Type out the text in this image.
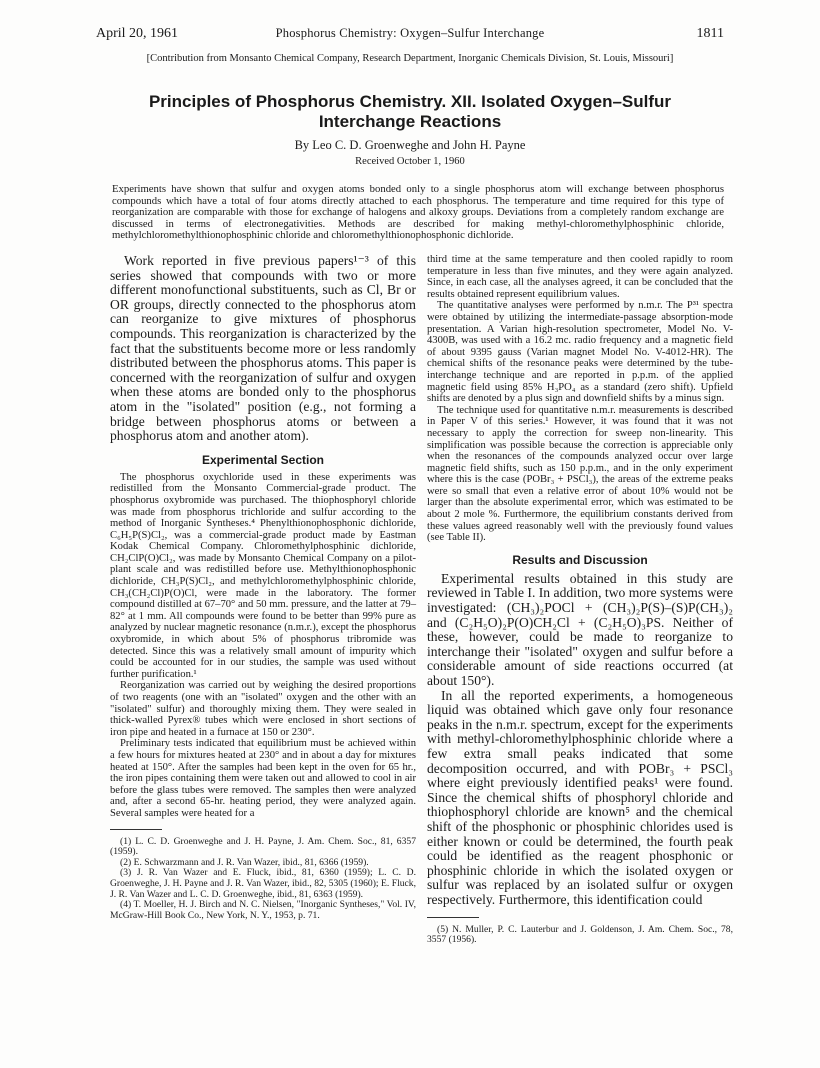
April 20, 1961	Phosphorus Chemistry: Oxygen–Sulfur Interchange	1811
[Contribution from Monsanto Chemical Company, Research Department, Inorganic Chemicals Division, St. Louis, Missouri]
Principles of Phosphorus Chemistry. XII. Isolated Oxygen–Sulfur Interchange Reactions
By Leo C. D. Groenweghe and John H. Payne
Received October 1, 1960
Experiments have shown that sulfur and oxygen atoms bonded only to a single phosphorus atom will exchange between phosphorus compounds which have a total of four atoms directly attached to each phosphorus. The temperature and time required for this type of reorganization are comparable with those for exchange of halogens and alkoxy groups. Deviations from a completely random exchange are discussed in terms of electronegativities. Methods are described for making methyl-chloromethylphosphinic chloride, methylchloromethylthionophosphinic chloride and chloromethylthionophosphonic dichloride.

Work reported in five previous papers¹⁻³ of this series showed that compounds with two or more different monofunctional substituents, such as Cl, Br or OR groups, directly connected to the phosphorus atom can reorganize to give mixtures of phosphorus compounds. This reorganization is characterized by the fact that the substituents become more or less randomly distributed between the phosphorus atoms. This paper is concerned with the reorganization of sulfur and oxygen when these atoms are bonded only to the phosphorus atom in the "isolated" position (e.g., not forming a bridge between phosphorus atoms or between a phosphorus atom and another atom).

Experimental Section

The phosphorus oxychloride used in these experiments was redistilled from the Monsanto Commercial-grade product. The phosphorus oxybromide was purchased. The thiophosphoryl chloride was made from phosphorus trichloride and sulfur according to the method of Inorganic Syntheses.⁴ Phenylthionophosphonic dichloride, C₆H₅P(S)Cl₂, was a commercial-grade product made by Eastman Kodak Chemical Company. Chloromethylphosphinic dichloride, CH₂ClP(O)Cl₂, was made by Monsanto Chemical Company on a pilot-plant scale and was redistilled before use. Methylthionophosphonic dichloride, CH₃P(S)Cl₂, and methylchloromethylphosphinic chloride, CH₃(CH₂Cl)P(O)Cl, were made in the laboratory. The former compound distilled at 67–70° and 50 mm. pressure, and the latter at 79–82° at 1 mm. All compounds were found to be better than 99% pure as analyzed by nuclear magnetic resonance (n.m.r.), except the phosphorus oxybromide, in which about 5% of phosphorus tribromide was detected. Since this was a relatively small amount of impurity which could be accounted for in our studies, the sample was used without further purification.¹

Reorganization was carried out by weighing the desired proportions of two reagents (one with an "isolated" oxygen and the other with an "isolated" sulfur) and thoroughly mixing them. They were sealed in thick-walled Pyrex® tubes which were enclosed in short sections of iron pipe and heated in a furnace at 150 or 230°.

Preliminary tests indicated that equilibrium must be achieved within a few hours for mixtures heated at 230° and in about a day for mixtures heated at 150°. After the samples had been kept in the oven for 65 hr., the iron pipes containing them were taken out and allowed to cool in air before the glass tubes were removed. The samples then were analyzed and, after a second 65-hr. heating period, they were analyzed again. Several samples were heated for a

(1) L. C. D. Groenweghe and J. H. Payne, J. Am. Chem. Soc., 81, 6357 (1959).

(2) E. Schwarzmann and J. R. Van Wazer, ibid., 81, 6366 (1959).

(3) J. R. Van Wazer and E. Fluck, ibid., 81, 6360 (1959); L. C. D. Groenweghe, J. H. Payne and J. R. Van Wazer, ibid., 82, 5305 (1960); E. Fluck, J. R. Van Wazer and L. C. D. Groenweghe, ibid., 81, 6363 (1959).

(4) T. Moeller, H. J. Birch and N. C. Nielsen, "Inorganic Syntheses," Vol. IV, McGraw-Hill Book Co., New York, N. Y., 1953, p. 71.

third time at the same temperature and then cooled rapidly to room temperature in less than five minutes, and they were again analyzed. Since, in each case, all the analyses agreed, it can be concluded that the results obtained represent equilibrium values.

The quantitative analyses were performed by n.m.r. The P³¹ spectra were obtained by utilizing the intermediate-passage absorption-mode presentation. A Varian high-resolution spectrometer, Model No. V-4300B, was used with a 16.2 mc. radio frequency and a magnetic field of about 9395 gauss (Varian magnet Model No. V-4012-HR). The chemical shifts of the resonance peaks were determined by the tube-interchange technique and are reported in p.p.m. of the applied magnetic field using 85% H₃PO₄ as a standard (zero shift). Upfield shifts are denoted by a plus sign and downfield shifts by a minus sign.

The technique used for quantitative n.m.r. measurements is described in Paper V of this series.¹ However, it was found that it was not necessary to apply the correction for sweep non-linearity. This simplification was possible because the correction is appreciable only when the resonances of the compounds analyzed occur over large magnetic field shifts, such as 150 p.p.m., and in the only experiment where this is the case (POBr₃ + PSCl₃), the areas of the extreme peaks were so small that even a relative error of about 10% would not be larger than the absolute experimental error, which was estimated to be about 2 mole %. Furthermore, the equilibrium constants derived from these values agreed reasonably well with the previously found values (see Table II).

Results and Discussion

Experimental results obtained in this study are reviewed in Table I. In addition, two more systems were investigated: (CH₃)₂POCl + (CH₃)₂P(S)–(S)P(CH₃)₂ and (C₂H₅O)₂P(O)CH₂Cl + (C₂H₅O)₃PS. Neither of these, however, could be made to reorganize to interchange their "isolated" oxygen and sulfur before a considerable amount of side reactions occurred (at about 150°).

In all the reported experiments, a homogeneous liquid was obtained which gave only four resonance peaks in the n.m.r. spectrum, except for the experiments with methyl-chloromethylphosphinic chloride where a few extra small peaks indicated that some decomposition occurred, and with POBr₃ + PSCl₃ where eight previously identified peaks¹ were found. Since the chemical shifts of phosphoryl chloride and thiophosphoryl chloride are known⁵ and the chemical shift of the phosphonic or phosphinic chlorides used is either known or could be determined, the fourth peak could be identified as the reagent phosphonic or phosphinic chloride in which the isolated oxygen or sulfur was replaced by an isolated sulfur or oxygen respectively. Furthermore, this identification could

(5) N. Muller, P. C. Lauterbur and J. Goldenson, J. Am. Chem. Soc., 78, 3557 (1956).
